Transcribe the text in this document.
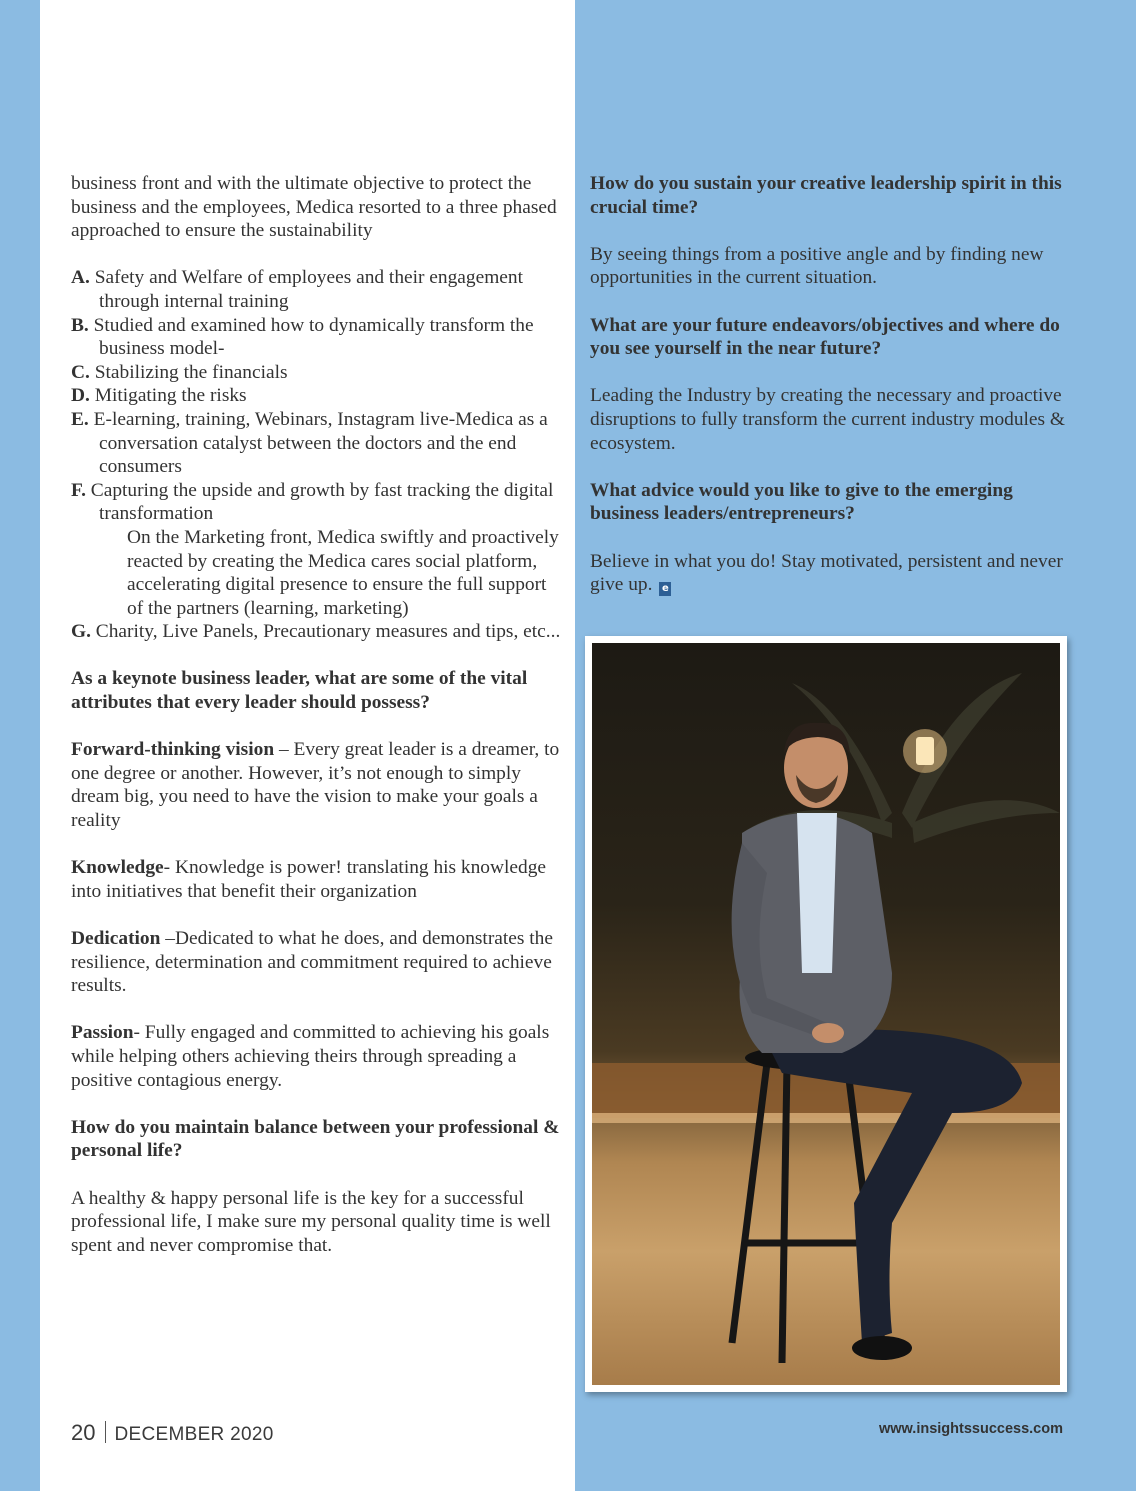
business front and with the ultimate objective to protect the business and the employees, Medica resorted to a three phased approached to ensure the sustainability

A. Safety and Welfare of employees and their engagement through internal training
B. Studied and examined how to dynamically transform the business model-
C. Stabilizing the financials
D. Mitigating the risks
E. E-learning, training, Webinars, Instagram live-Medica as a conversation catalyst between the doctors and the end consumers
F. Capturing the upside and growth by fast tracking the digital transformation
On the Marketing front, Medica swiftly and proactively reacted by creating the Medica cares social platform, accelerating digital presence to ensure the full support of the partners (learning, marketing)
G. Charity, Live Panels, Precautionary measures and tips, etc...

As a keynote business leader, what are some of the vital attributes that every leader should possess?

Forward-thinking vision – Every great leader is a dreamer, to one degree or another. However, it’s not enough to simply dream big, you need to have the vision to make your goals a reality

Knowledge- Knowledge is power! translating his knowledge into initiatives that benefit their organization

Dedication –Dedicated to what he does, and demonstrates the resilience, determination and commitment required to achieve results.

Passion- Fully engaged and committed to achieving his goals while helping others achieving theirs through spreading a positive contagious energy.

How do you maintain balance between your professional & personal life?

A healthy & happy personal life is the key for a successful professional life, I make sure my personal quality time is well spent and never compromise that.

How do you sustain your creative leadership spirit in this crucial time?

By seeing things from a positive angle and by finding new opportunities in the current situation.

What are your future endeavors/objectives and where do you see yourself in the near future?

Leading the Industry by creating the necessary and proactive disruptions to fully transform the current industry modules & ecosystem.

What advice would you like to give to the emerging business leaders/entrepreneurs?

Believe in what you do! Stay motivated, persistent and never give up. e

20 DECEMBER 2020	www.insightssuccess.com
